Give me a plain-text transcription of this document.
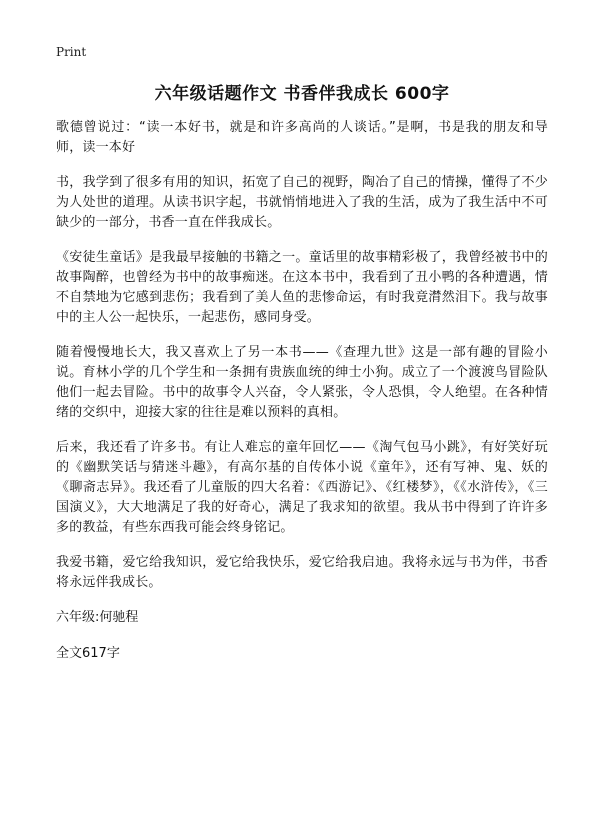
Print
六年级话题作文 书香伴我成长 600字

歌德曾说过：“读一本好书，就是和许多高尚的人谈话。”是啊，书是我的朋友和导师，读一本好

书，我学到了很多有用的知识，拓宽了自己的视野，陶冶了自己的情操，懂得了不少为人处世的道理。从读书识字起，书就悄悄地进入了我的生活，成为了我生活中不可缺少的一部分，书香一直在伴我成长。

《安徒生童话》是我最早接触的书籍之一。童话里的故事精彩极了，我曾经被书中的故事陶醉，也曾经为书中的故事痴迷。在这本书中，我看到了丑小鸭的各种遭遇，情不自禁地为它感到悲伤；我看到了美人鱼的悲惨命运，有时我竟潸然泪下。我与故事中的主人公一起快乐，一起悲伤，感同身受。

随着慢慢地长大，我又喜欢上了另一本书——《查理九世》这是一部有趣的冒险小说。育林小学的几个学生和一条拥有贵族血统的绅士小狗。成立了一个渡渡鸟冒险队他们一起去冒险。书中的故事令人兴奋，令人紧张，令人恐惧，令人绝望。在各种情绪的交织中，迎接大家的往往是难以预料的真相。

后来，我还看了许多书。有让人难忘的童年回忆——《淘气包马小跳》，有好笑好玩的《幽默笑话与猜迷斗趣》，有高尔基的自传体小说《童年》，还有写神、鬼、妖的《聊斋志异》。我还看了儿童版的四大名着：《西游记》、《红楼梦》，《《水浒传》，《三国演义》，大大地满足了我的好奇心，满足了我求知的欲望。我从书中得到了许许多多的教益，有些东西我可能会终身铭记。

我爱书籍，爱它给我知识，爱它给我快乐，爱它给我启迪。我将永远与书为伴，书香将永远伴我成长。

六年级:何驰程
全文617字
